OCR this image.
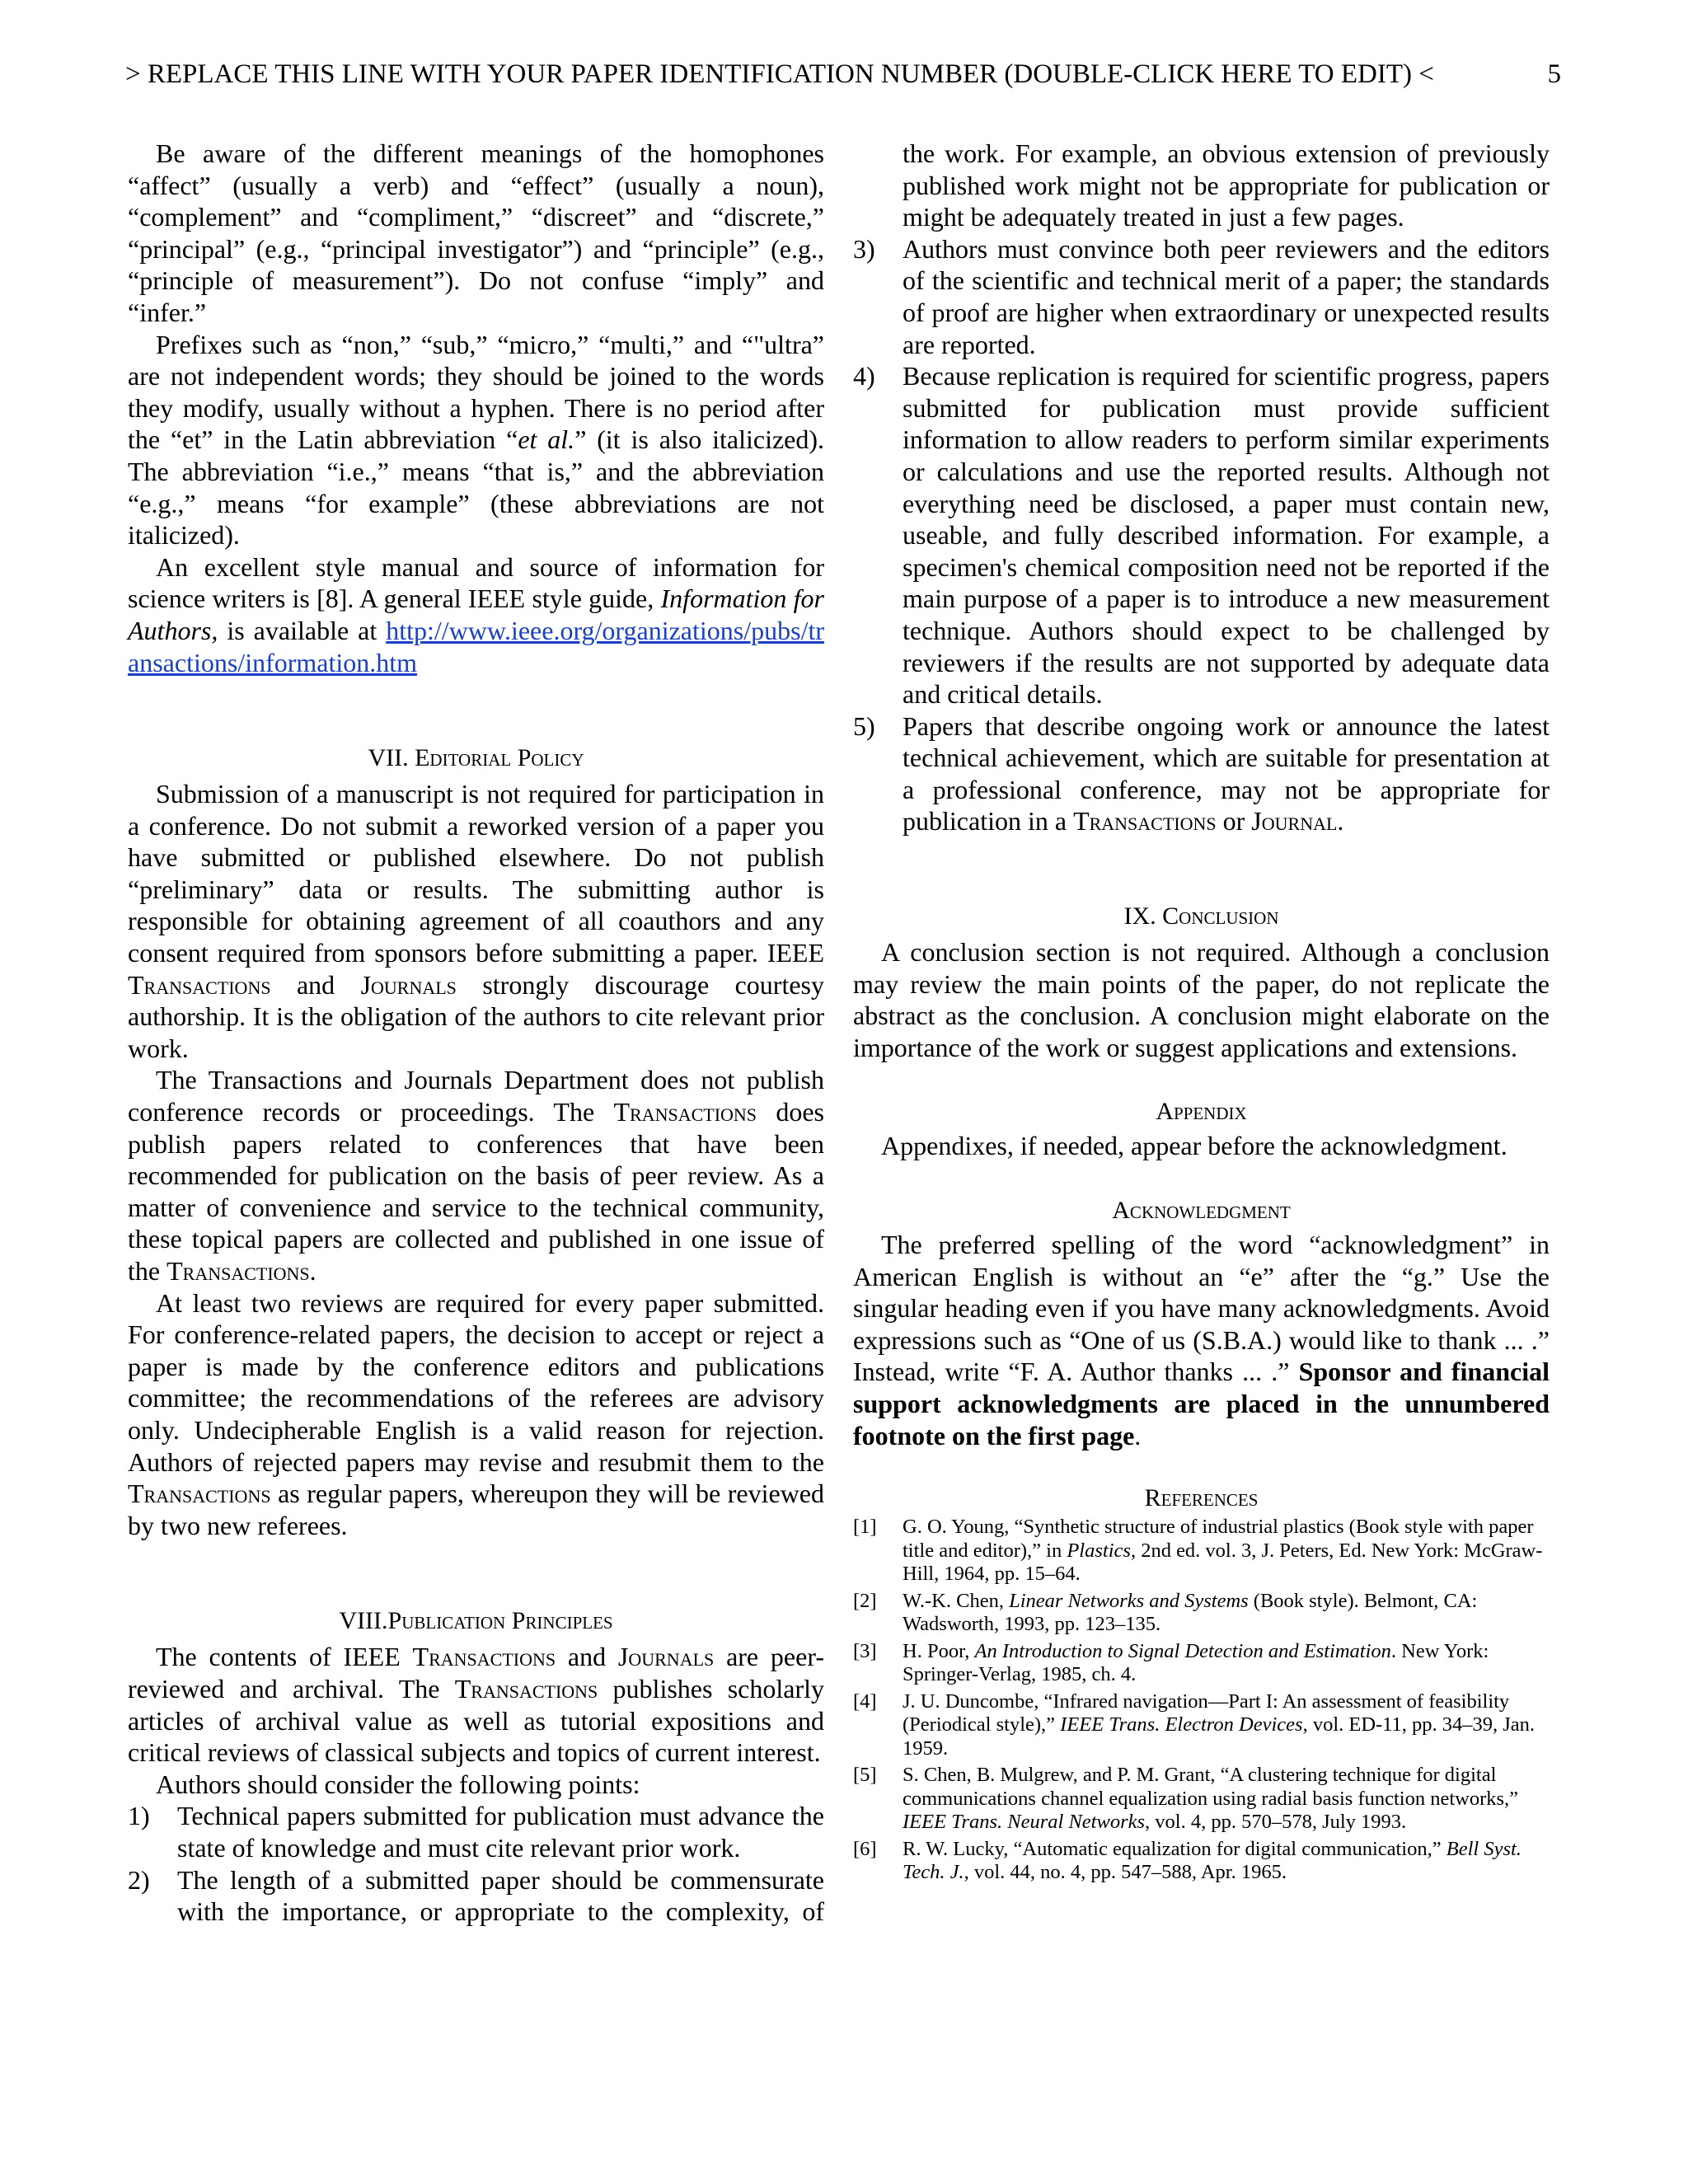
> REPLACE THIS LINE WITH YOUR PAPER IDENTIFICATION NUMBER (DOUBLE-CLICK HERE TO EDIT) <	5

Be aware of the different meanings of the homophones “affect” (usually a verb) and “effect” (usually a noun), “complement” and “compliment,” “discreet” and “discrete,” “principal” (e.g., “principal investigator”) and “principle” (e.g., “principle of measurement”). Do not confuse “imply” and “infer.”

Prefixes such as “non,” “sub,” “micro,” “multi,” and “"ultra” are not independent words; they should be joined to the words they modify, usually without a hyphen. There is no period after the “et” in the Latin abbreviation “et al.” (it is also italicized). The abbreviation “i.e.,” means “that is,” and the abbreviation “e.g.,” means “for example” (these abbreviations are not italicized).

An excellent style manual and source of information for science writers is [8]. A general IEEE style guide, Information for Authors, is available at http://www.ieee.org/organizations/pubs/transactions/information.htm

VII. Editorial Policy

Submission of a manuscript is not required for participation in a conference. Do not submit a reworked version of a paper you have submitted or published elsewhere. Do not publish “preliminary” data or results. The submitting author is responsible for obtaining agreement of all coauthors and any consent required from sponsors before submitting a paper. IEEE Transactions and Journals strongly discourage courtesy authorship. It is the obligation of the authors to cite relevant prior work.

The Transactions and Journals Department does not publish conference records or proceedings. The Transactions does publish papers related to conferences that have been recommended for publication on the basis of peer review. As a matter of convenience and service to the technical community, these topical papers are collected and published in one issue of the Transactions.

At least two reviews are required for every paper submitted. For conference-related papers, the decision to accept or reject a paper is made by the conference editors and publications committee; the recommendations of the referees are advisory only. Undecipherable English is a valid reason for rejection. Authors of rejected papers may revise and resubmit them to the Transactions as regular papers, whereupon they will be reviewed by two new referees.

VIII.Publication Principles

The contents of IEEE Transactions and Journals are peer-reviewed and archival. The Transactions publishes scholarly articles of archival value as well as tutorial expositions and critical reviews of classical subjects and topics of current interest.

Authors should consider the following points:

1) Technical papers submitted for publication must advance the state of knowledge and must cite relevant prior work.
2) The length of a submitted paper should be commensurate with the importance, or appropriate to the complexity, of
the work. For example, an obvious extension of previously published work might not be appropriate for publication or might be adequately treated in just a few pages.
3) Authors must convince both peer reviewers and the editors of the scientific and technical merit of a paper; the standards of proof are higher when extraordinary or unexpected results are reported.
4) Because replication is required for scientific progress, papers submitted for publication must provide sufficient information to allow readers to perform similar experiments or calculations and use the reported results. Although not everything need be disclosed, a paper must contain new, useable, and fully described information. For example, a specimen's chemical composition need not be reported if the main purpose of a paper is to introduce a new measurement technique. Authors should expect to be challenged by reviewers if the results are not supported by adequate data and critical details.
5) Papers that describe ongoing work or announce the latest technical achievement, which are suitable for presentation at a professional conference, may not be appropriate for publication in a Transactions or Journal.
IX. Conclusion

A conclusion section is not required. Although a conclusion may review the main points of the paper, do not replicate the abstract as the conclusion. A conclusion might elaborate on the importance of the work or suggest applications and extensions.

Appendix

Appendixes, if needed, appear before the acknowledgment.

Acknowledgment

The preferred spelling of the word “acknowledgment” in American English is without an “e” after the “g.” Use the singular heading even if you have many acknowledgments. Avoid expressions such as “One of us (S.B.A.) would like to thank ... .” Instead, write “F. A. Author thanks ... .” Sponsor and financial support acknowledgments are placed in the unnumbered footnote on the first page.

References
[1] G. O. Young, “Synthetic structure of industrial plastics (Book style with paper title and editor),” in Plastics, 2nd ed. vol. 3, J. Peters, Ed. New York: McGraw-Hill, 1964, pp. 15–64.
[2] W.-K. Chen, Linear Networks and Systems (Book style). Belmont, CA: Wadsworth, 1993, pp. 123–135.
[3] H. Poor, An Introduction to Signal Detection and Estimation. New York: Springer-Verlag, 1985, ch. 4.
[4] J. U. Duncombe, “Infrared navigation—Part I: An assessment of feasibility (Periodical style),” IEEE Trans. Electron Devices, vol. ED-11, pp. 34–39, Jan. 1959.
[5] S. Chen, B. Mulgrew, and P. M. Grant, “A clustering technique for digital communications channel equalization using radial basis function networks,” IEEE Trans. Neural Networks, vol. 4, pp. 570–578, July 1993.
[6] R. W. Lucky, “Automatic equalization for digital communication,” Bell Syst. Tech. J., vol. 44, no. 4, pp. 547–588, Apr. 1965.
